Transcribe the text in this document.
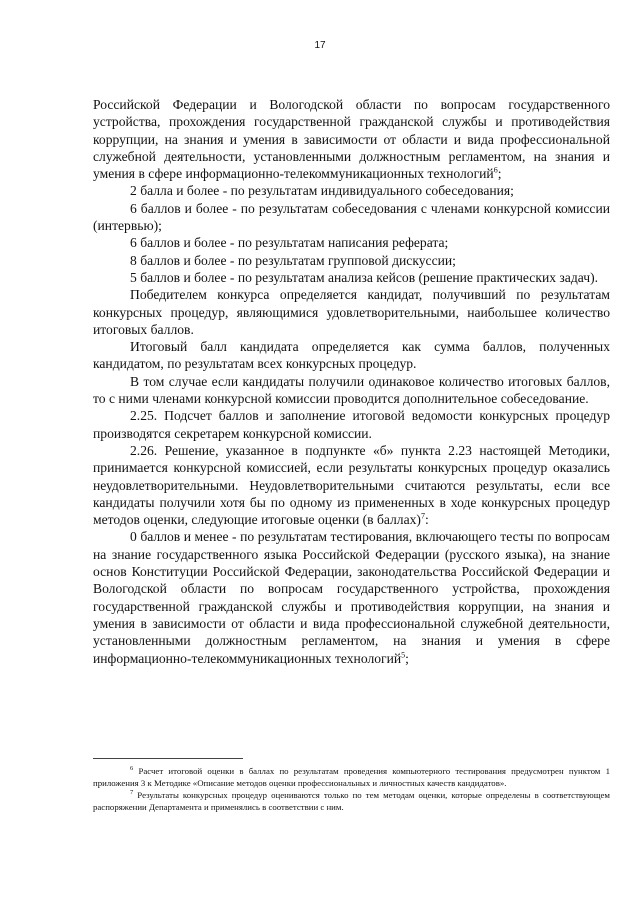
17

Российской Федерации и Вологодской области по вопросам государственного устройства, прохождения государственной гражданской службы и противодействия коррупции, на знания и умения в зависимости от области и вида профессиональной служебной деятельности, установленными должностным регламентом, на знания и умения в сфере информационно-телекоммуникационных технологий$^6$;

2 балла и более - по результатам индивидуального собеседования;

6 баллов и более - по результатам собеседования с членами конкурсной комиссии (интервью);

6 баллов и более - по результатам написания реферата;

8 баллов и более - по результатам групповой дискуссии;

5 баллов и более - по результатам анализа кейсов (решение практических задач).

Победителем конкурса определяется кандидат, получивший по результатам конкурсных процедур, являющимися удовлетворительными, наибольшее количество итоговых баллов.

Итоговый балл кандидата определяется как сумма баллов, полученных кандидатом, по результатам всех конкурсных процедур.

В том случае если кандидаты получили одинаковое количество итоговых баллов, то с ними членами конкурсной комиссии проводится дополнительное собеседование.

2.25. Подсчет баллов и заполнение итоговой ведомости конкурсных процедур производятся секретарем конкурсной комиссии.

2.26. Решение, указанное в подпункте «б» пункта 2.23 настоящей Методики, принимается конкурсной комиссией, если результаты конкурсных процедур оказались неудовлетворительными. Неудовлетворительными считаются результаты, если все кандидаты получили хотя бы по одному из примененных в ходе конкурсных процедур методов оценки, следующие итоговые оценки (в баллах)$^7$:

0 баллов и менее - по результатам тестирования, включающего тесты по вопросам на знание государственного языка Российской Федерации (русского языка), на знание основ Конституции Российской Федерации, законодательства Российской Федерации и Вологодской области по вопросам государственного устройства, прохождения государственной гражданской службы и противодействия коррупции, на знания и умения в зависимости от области и вида профессиональной служебной деятельности, установленными должностным регламентом, на знания и умения в сфере информационно-телекоммуникационных технологий$^5$;

$^6$ Расчет итоговой оценки в баллах по результатам проведения компьютерного тестирования предусмотрен пунктом 1 приложения 3 к Методике «Описание методов оценки профессиональных и личностных качеств кандидатов».

$^7$ Результаты конкурсных процедур оцениваются только по тем методам оценки, которые определены в соответствующем распоряжении Департамента и применялись в соответствии с ним.
